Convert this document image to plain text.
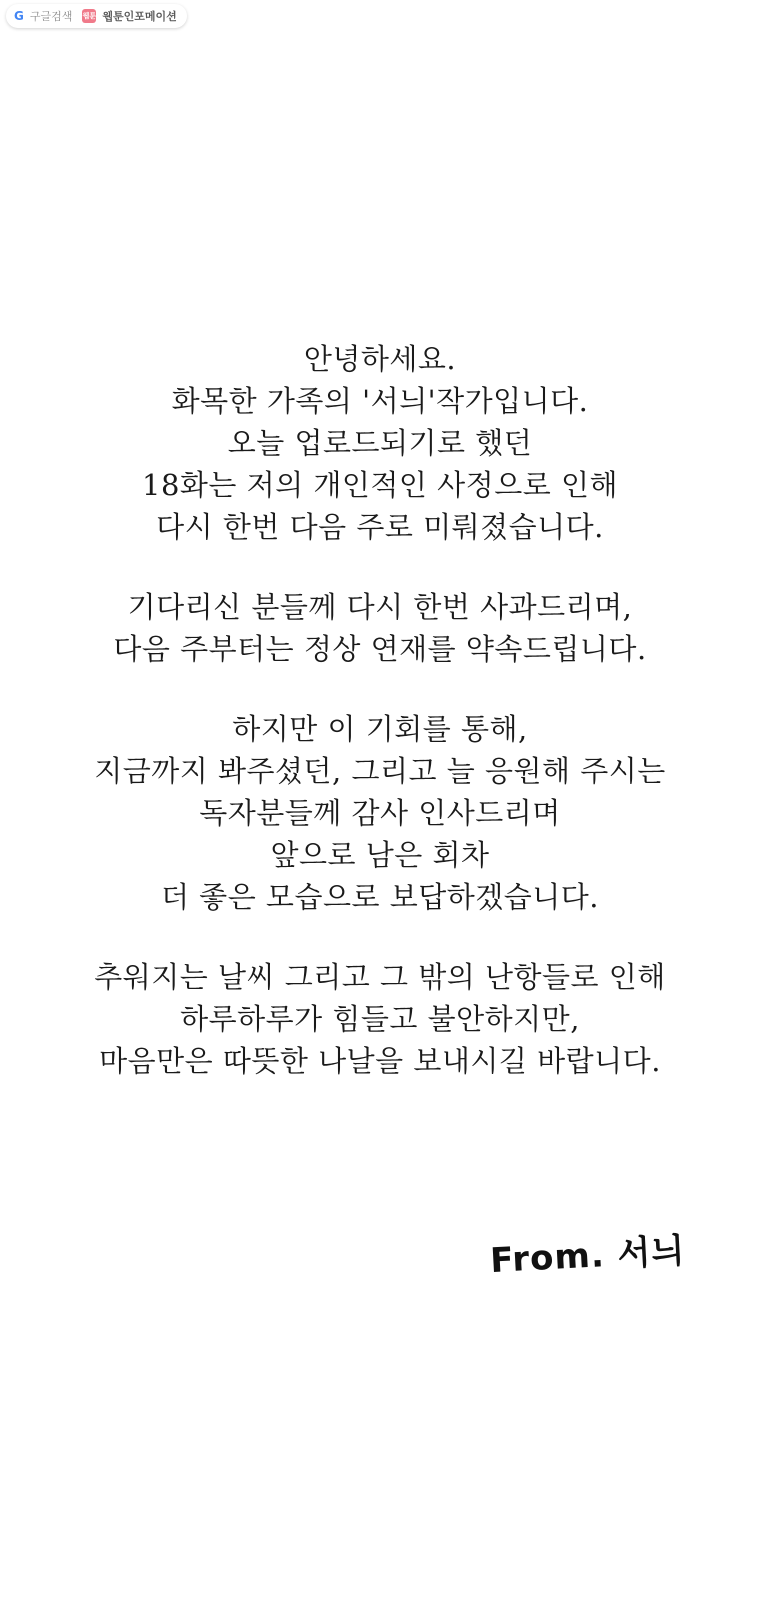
G 구글검색 웹툰 웹툰인포메이션
안녕하세요.
화목한 가족의 '서늬'작가입니다.
오늘 업로드되기로 했던
18화는 저의 개인적인 사정으로 인해
다시 한번 다음 주로 미뤄졌습니다.
기다리신 분들께 다시 한번 사과드리며,
다음 주부터는 정상 연재를 약속드립니다.
하지만 이 기회를 통해,
지금까지 봐주셨던, 그리고 늘 응원해 주시는
독자분들께 감사 인사드리며
앞으로 남은 회차
더 좋은 모습으로 보답하겠습니다.
추워지는 날씨 그리고 그 밖의 난항들로 인해
하루하루가 힘들고 불안하지만,
마음만은 따뜻한 나날을 보내시길 바랍니다.
From. 서늬
